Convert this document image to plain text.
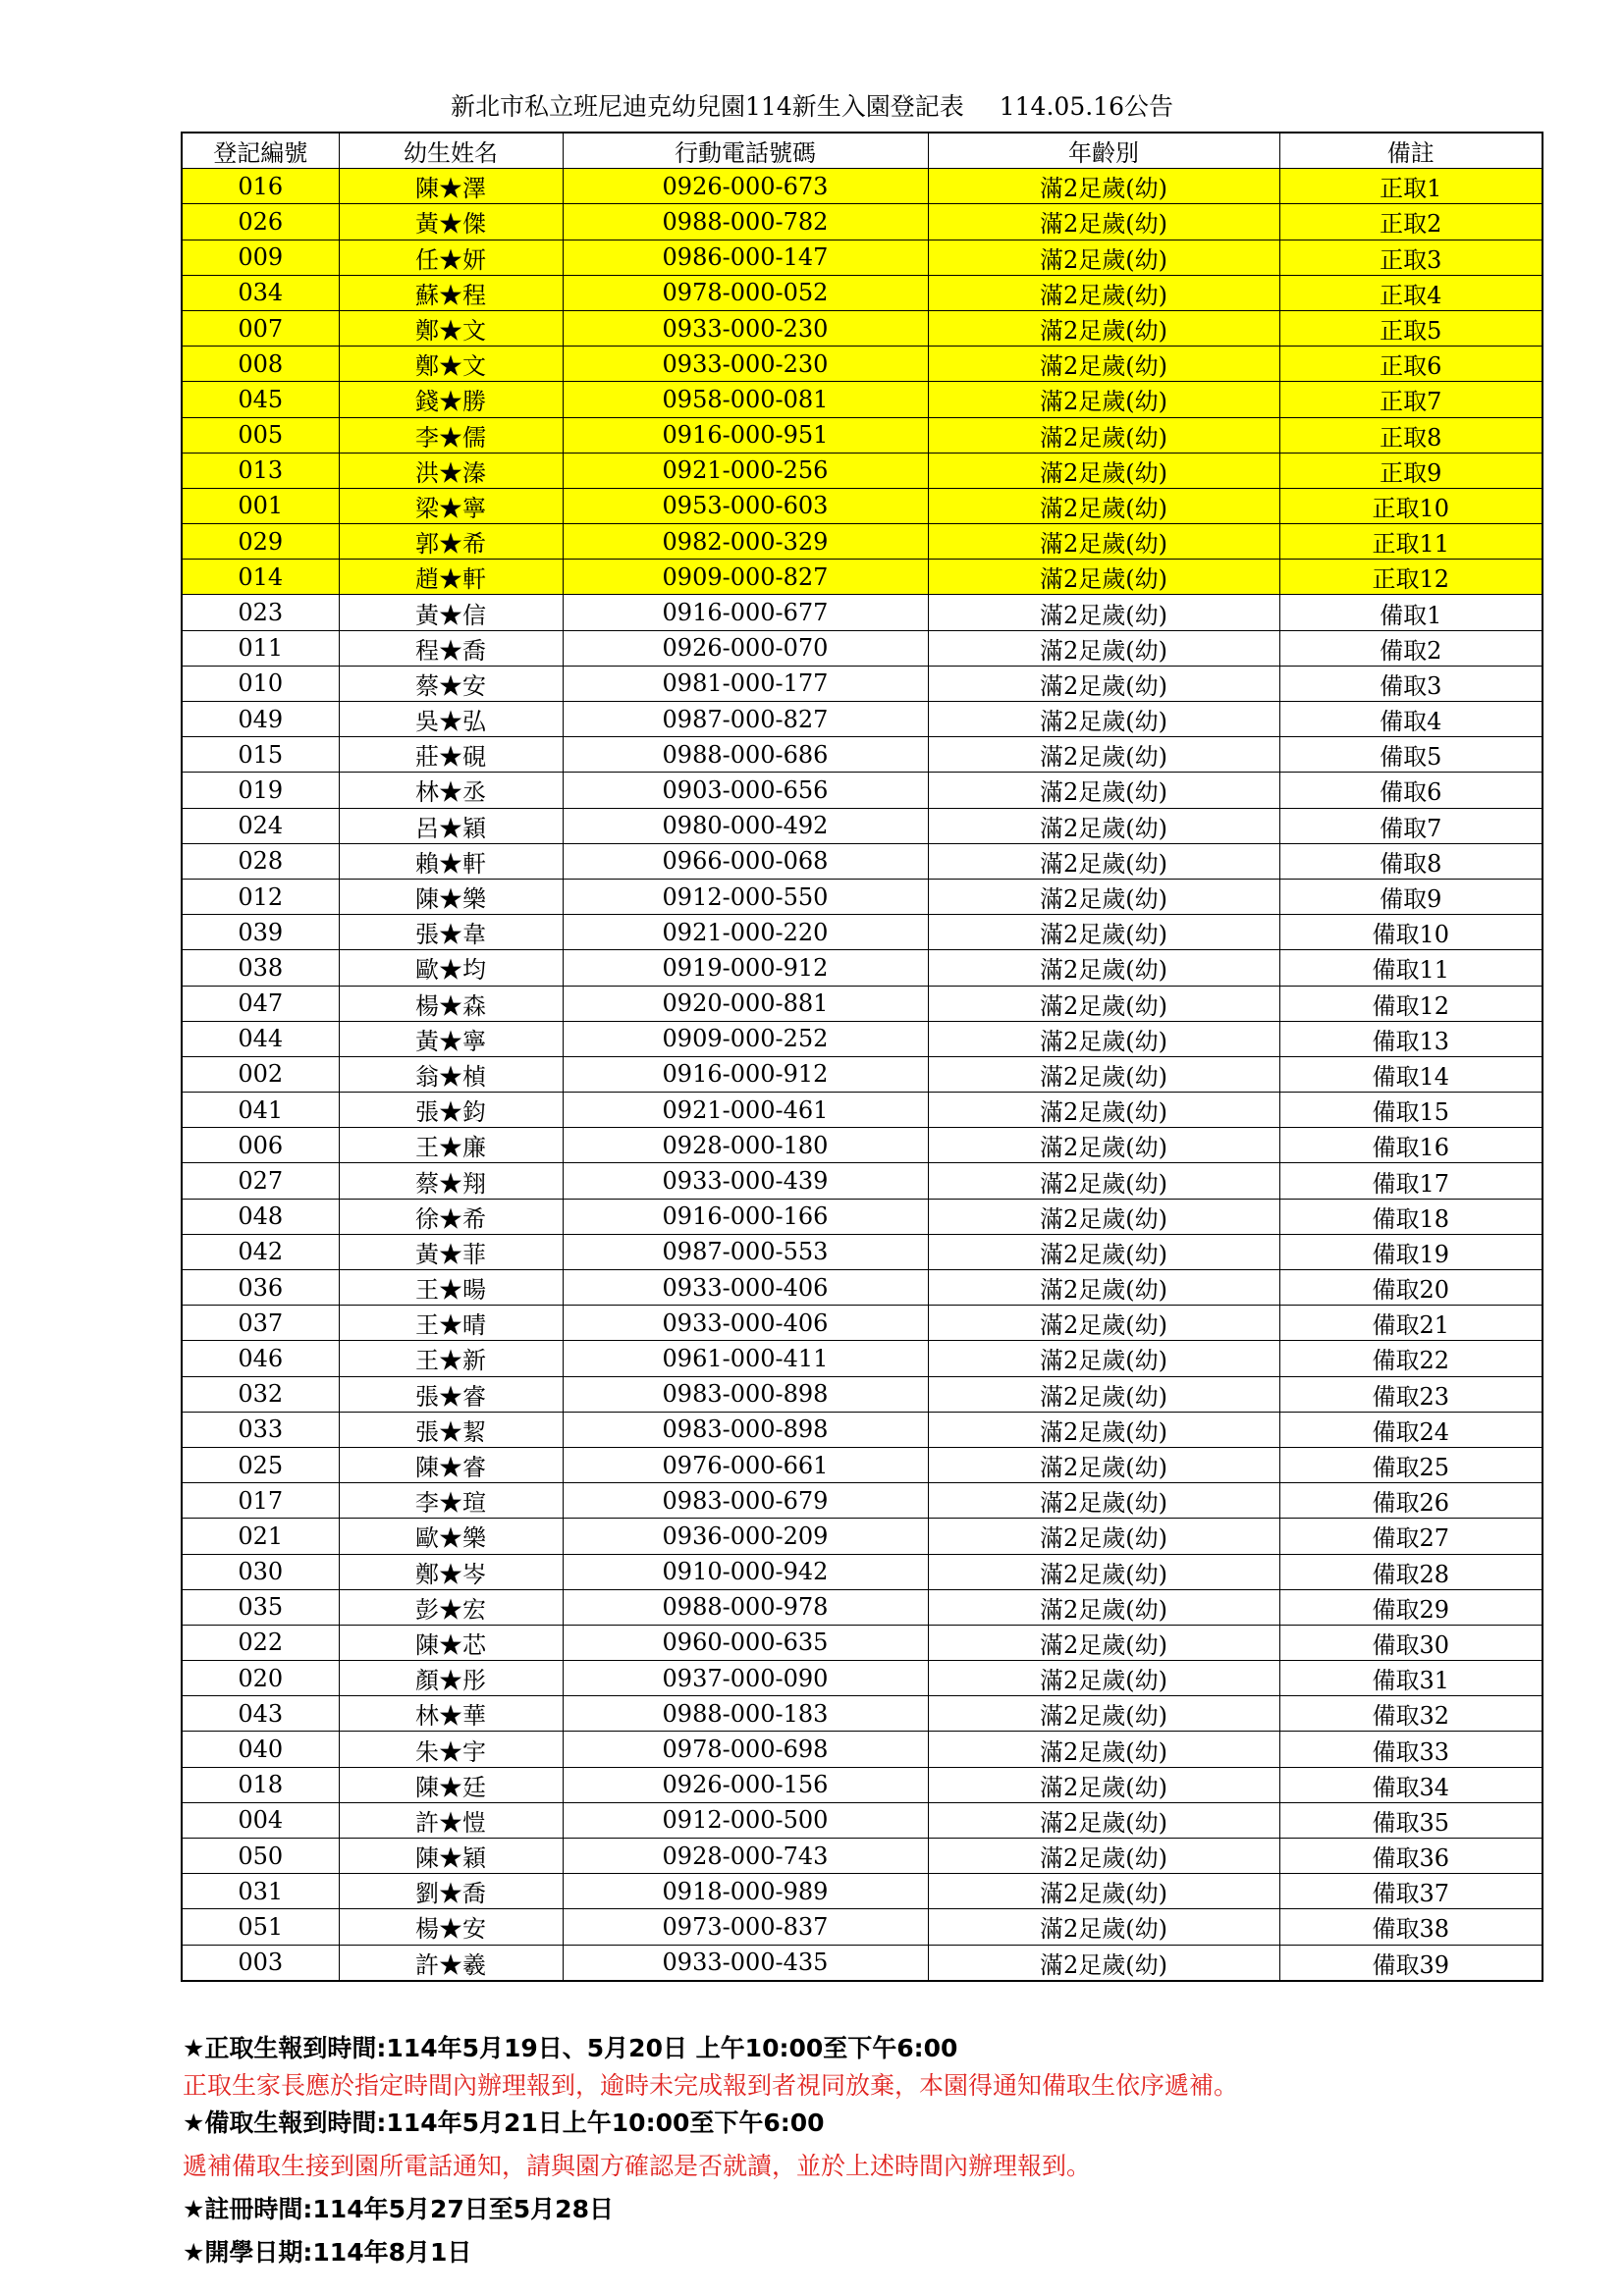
新北市私立班尼迪克幼兒園114新生入園登記表 114.05.16公告
登記編號	幼生姓名	行動電話號碼	年齡別	備註
016	陳★澤	0926-000-673	滿2足歲(幼)	正取1
026	黃★傑	0988-000-782	滿2足歲(幼)	正取2
009	任★妍	0986-000-147	滿2足歲(幼)	正取3
034	蘇★程	0978-000-052	滿2足歲(幼)	正取4
007	鄭★文	0933-000-230	滿2足歲(幼)	正取5
008	鄭★文	0933-000-230	滿2足歲(幼)	正取6
045	錢★勝	0958-000-081	滿2足歲(幼)	正取7
005	李★儒	0916-000-951	滿2足歲(幼)	正取8
013	洪★溱	0921-000-256	滿2足歲(幼)	正取9
001	梁★寧	0953-000-603	滿2足歲(幼)	正取10
029	郭★希	0982-000-329	滿2足歲(幼)	正取11
014	趙★軒	0909-000-827	滿2足歲(幼)	正取12
023	黃★信	0916-000-677	滿2足歲(幼)	備取1
011	程★喬	0926-000-070	滿2足歲(幼)	備取2
010	蔡★安	0981-000-177	滿2足歲(幼)	備取3
049	吳★弘	0987-000-827	滿2足歲(幼)	備取4
015	莊★硯	0988-000-686	滿2足歲(幼)	備取5
019	林★丞	0903-000-656	滿2足歲(幼)	備取6
024	呂★穎	0980-000-492	滿2足歲(幼)	備取7
028	賴★軒	0966-000-068	滿2足歲(幼)	備取8
012	陳★樂	0912-000-550	滿2足歲(幼)	備取9
039	張★韋	0921-000-220	滿2足歲(幼)	備取10
038	歐★均	0919-000-912	滿2足歲(幼)	備取11
047	楊★森	0920-000-881	滿2足歲(幼)	備取12
044	黃★寧	0909-000-252	滿2足歲(幼)	備取13
002	翁★楨	0916-000-912	滿2足歲(幼)	備取14
041	張★鈞	0921-000-461	滿2足歲(幼)	備取15
006	王★廉	0928-000-180	滿2足歲(幼)	備取16
027	蔡★翔	0933-000-439	滿2足歲(幼)	備取17
048	徐★希	0916-000-166	滿2足歲(幼)	備取18
042	黃★菲	0987-000-553	滿2足歲(幼)	備取19
036	王★暘	0933-000-406	滿2足歲(幼)	備取20
037	王★晴	0933-000-406	滿2足歲(幼)	備取21
046	王★新	0961-000-411	滿2足歲(幼)	備取22
032	張★睿	0983-000-898	滿2足歲(幼)	備取23
033	張★絜	0983-000-898	滿2足歲(幼)	備取24
025	陳★睿	0976-000-661	滿2足歲(幼)	備取25
017	李★瑄	0983-000-679	滿2足歲(幼)	備取26
021	歐★樂	0936-000-209	滿2足歲(幼)	備取27
030	鄭★岑	0910-000-942	滿2足歲(幼)	備取28
035	彭★宏	0988-000-978	滿2足歲(幼)	備取29
022	陳★芯	0960-000-635	滿2足歲(幼)	備取30
020	顏★彤	0937-000-090	滿2足歲(幼)	備取31
043	林★華	0988-000-183	滿2足歲(幼)	備取32
040	朱★宇	0978-000-698	滿2足歲(幼)	備取33
018	陳★廷	0926-000-156	滿2足歲(幼)	備取34
004	許★愷	0912-000-500	滿2足歲(幼)	備取35
050	陳★穎	0928-000-743	滿2足歲(幼)	備取36
031	劉★喬	0918-000-989	滿2足歲(幼)	備取37
051	楊★安	0973-000-837	滿2足歲(幼)	備取38
003	許★羲	0933-000-435	滿2足歲(幼)	備取39
★正取生報到時間:114年5月19日、5月20日 上午10:00至下午6:00
正取生家長應於指定時間內辦理報到，逾時未完成報到者視同放棄，本園得通知備取生依序遞補。
★備取生報到時間:114年5月21日上午10:00至下午6:00
遞補備取生接到園所電話通知，請與園方確認是否就讀，並於上述時間內辦理報到。
★註冊時間:114年5月27日至5月28日
★開學日期:114年8月1日
